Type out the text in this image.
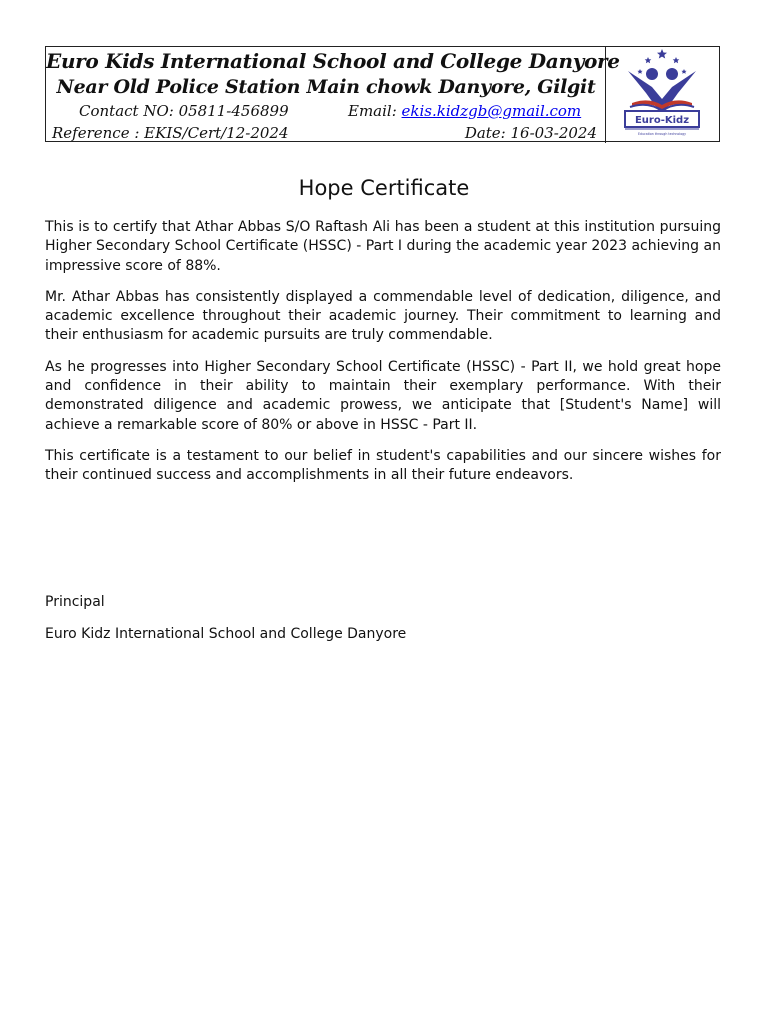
Euro Kids International School and College Danyore
Near Old Police Station Main chowk Danyore, Gilgit
Contact NO: 05811-456899	Email: ekis.kidzgb@gmail.com
Reference : EKIS/Cert/12-2024	Date: 16-03-2024
Euro-Kidz
Education through technology
Hope Certificate

This is to certify that Athar Abbas S/O Raftash Ali has been a student at this institution pursuing Higher Secondary School Certificate (HSSC) - Part I during the academic year 2023 achieving an impressive score of 88%.

Mr. Athar Abbas has consistently displayed a commendable level of dedication, diligence, and academic excellence throughout their academic journey. Their commitment to learning and their enthusiasm for academic pursuits are truly commendable.

As he progresses into Higher Secondary School Certificate (HSSC) - Part II, we hold great hope and confidence in their ability to maintain their exemplary performance. With their demonstrated diligence and academic prowess, we anticipate that [Student's Name] will achieve a remarkable score of 80% or above in HSSC - Part II.

This certificate is a testament to our belief in student's capabilities and our sincere wishes for their continued success and accomplishments in all their future endeavors.

Principal
Euro Kidz International School and College Danyore
